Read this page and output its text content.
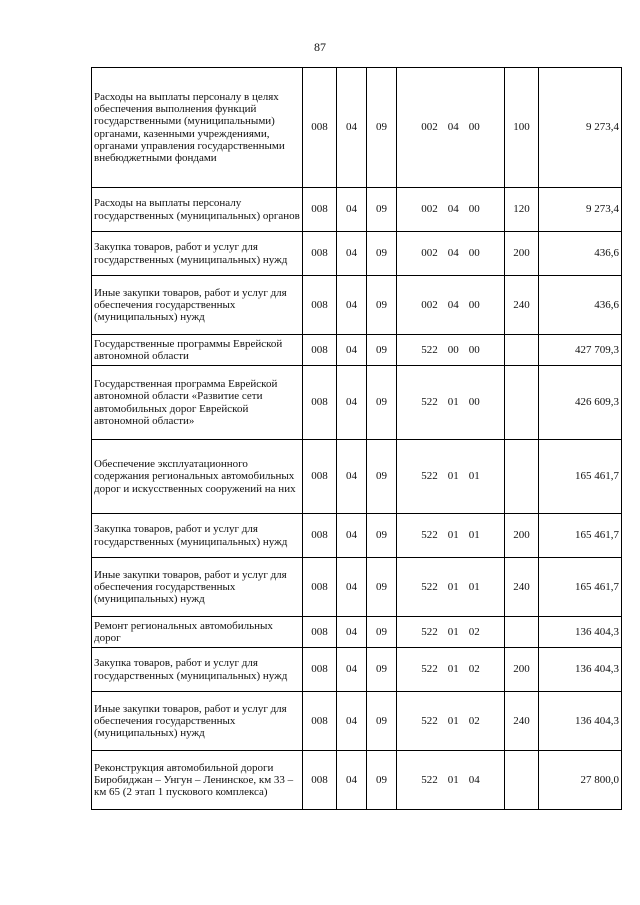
87
Расходы на выплаты персоналу в целях обеспечения выполнения функций государственными (муниципальными) органами, казенными учреждениями, органами управления государственными внебюджетными фондами	008	04	09	002 04 00	100	9 273,4
Расходы на выплаты персоналу государственных (муниципальных) органов	008	04	09	002 04 00	120	9 273,4
Закупка товаров, работ и услуг для государственных (муниципальных) нужд	008	04	09	002 04 00	200	436,6
Иные закупки товаров, работ и услуг для обеспечения государственных (муниципальных) нужд	008	04	09	002 04 00	240	436,6
Государственные программы Еврейской автономной области	008	04	09	522 00 00		427 709,3
Государственная программа Еврейской автономной области «Развитие сети автомобильных дорог Еврейской автономной области»	008	04	09	522 01 00		426 609,3
Обеспечение эксплуатационного содержания региональных автомобильных дорог и искусственных сооружений на них	008	04	09	522 01 01		165 461,7
Закупка товаров, работ и услуг для государственных (муниципальных) нужд	008	04	09	522 01 01	200	165 461,7
Иные закупки товаров, работ и услуг для обеспечения государственных (муниципальных) нужд	008	04	09	522 01 01	240	165 461,7
Ремонт региональных автомобильных дорог	008	04	09	522 01 02		136 404,3
Закупка товаров, работ и услуг для государственных (муниципальных) нужд	008	04	09	522 01 02	200	136 404,3
Иные закупки товаров, работ и услуг для обеспечения государственных (муниципальных) нужд	008	04	09	522 01 02	240	136 404,3
Реконструкция автомобильной дороги Биробиджан – Унгун – Ленинское, км 33 – км 65 (2 этап 1 пускового комплекса)	008	04	09	522 01 04		27 800,0
